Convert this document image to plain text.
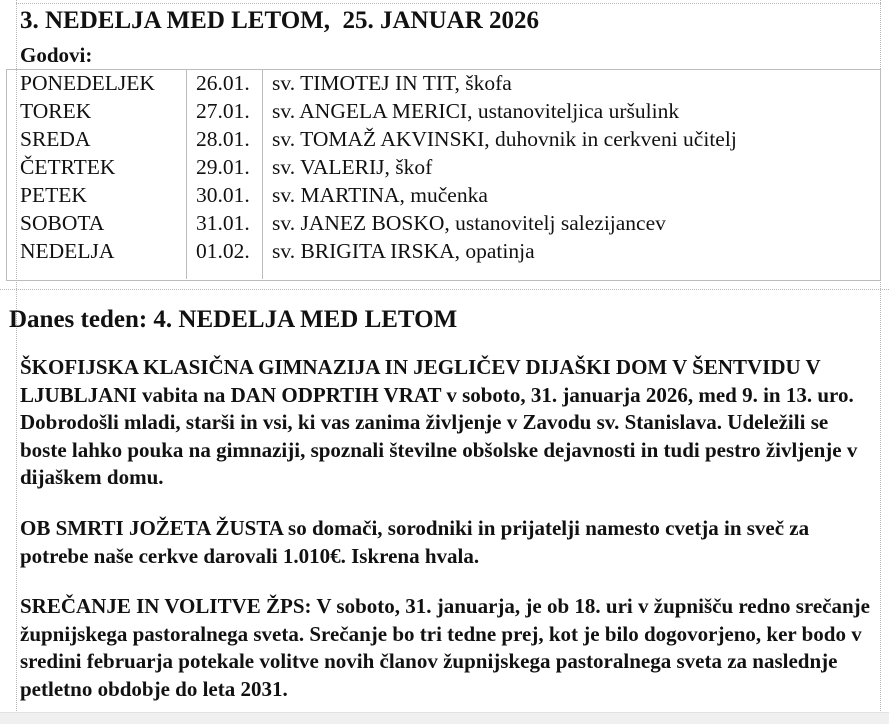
3. NEDELJA MED LETOM,  25. JANUAR 2026
Godovi:
PONEDELJEK	26.01.	sv. TIMOTEJ IN TIT, škofa
TOREK	27.01.	sv. ANGELA MERICI, ustanoviteljica uršulink
SREDA	28.01.	sv. TOMAŽ AKVINSKI, duhovnik in cerkveni učitelj
ČETRTEK	29.01.	sv. VALERIJ, škof
PETEK	30.01.	sv. MARTINA, mučenka
SOBOTA	31.01.	sv. JANEZ BOSKO, ustanovitelj salezijancev
NEDELJA	01.02.	sv. BRIGITA IRSKA, opatinja

Danes teden: 4. NEDELJA MED LETOM

ŠKOFIJSKA KLASIČNA GIMNAZIJA IN JEGLIČEV DIJAŠKI DOM V ŠENTVIDU V LJUBLJANI vabita na DAN ODPRTIH VRAT v soboto, 31. januarja 2026, med 9. in 13. uro. Dobrodošli mladi, starši in vsi, ki vas zanima življenje v Zavodu sv. Stanislava. Udeležili se boste lahko pouka na gimnaziji, spoznali številne obšolske dejavnosti in tudi pestro življenje v dijaškem domu.

OB SMRTI JOŽETA ŽUSTA so domači, sorodniki in prijatelji namesto cvetja in sveč za potrebe naše cerkve darovali 1.010€. Iskrena hvala.

SREČANJE IN VOLITVE ŽPS: V soboto, 31. januarja, je ob 18. uri v župnišču redno srečanje župnijskega pastoralnega sveta. Srečanje bo tri tedne prej, kot je bilo dogovorjeno, ker bodo v sredini februarja potekale volitve novih članov župnijskega pastoralnega sveta za naslednje petletno obdobje do leta 2031.
